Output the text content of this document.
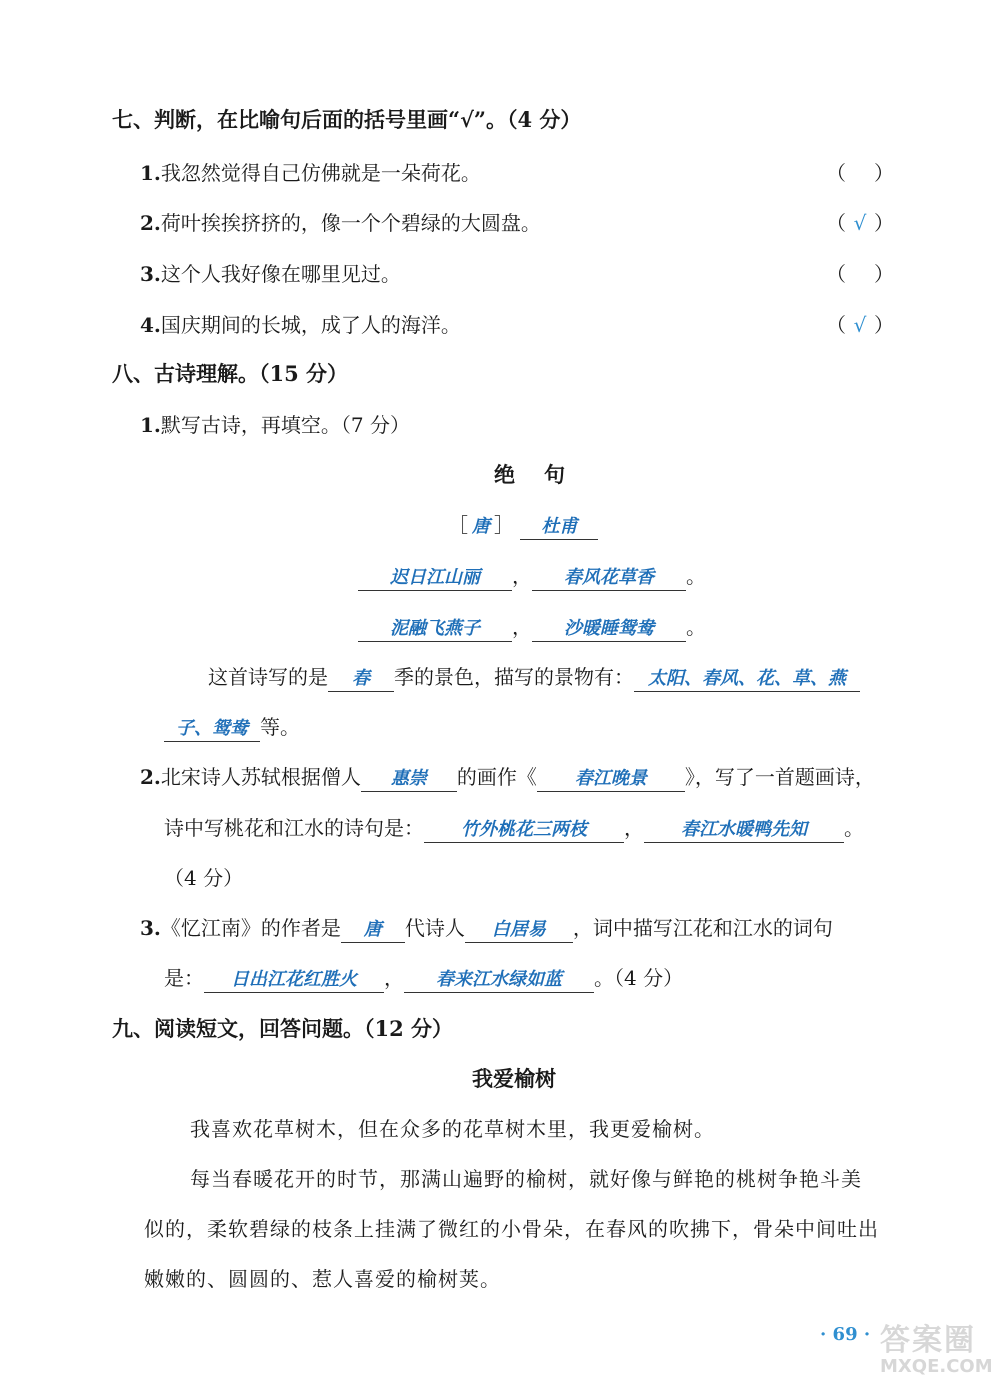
七、判断，在比喻句后面的括号里画“√”。（4 分）
1.我忽然觉得自己仿佛就是一朵荷花。	（ ）
2.荷叶挨挨挤挤的，像一个个碧绿的大圆盘。	（ √ ）
3.这个人我好像在哪里见过。	（ ）
4.国庆期间的长城，成了人的海洋。	（ √ ）
八、古诗理解。（15 分）
1.默写古诗，再填空。（7 分）
绝　句
［ 唐 ］ 杜甫
迟日江山丽 ， 春风花草香 。
泥融飞燕子 ， 沙暖睡鸳鸯 。
这首诗写的是 春 季的景色，描写的景物有： 太阳、春风、花、草、燕
子、鸳鸯 等。
2.北宋诗人苏轼根据僧人 惠崇 的画作《 春江晚景 》，写了一首题画诗，
诗中写桃花和江水的诗句是： 竹外桃花三两枝 ， 春江水暖鸭先知 。
（4 分）
3.《忆江南》的作者是 唐 代诗人 白居易 ，词中描写江花和江水的词句
是： 日出江花红胜火 ， 春来江水绿如蓝 。（4 分）
九、阅读短文，回答问题。（12 分）
我爱榆树
我喜欢花草树木，但在众多的花草树木里，我更爱榆树。
每当春暖花开的时节，那满山遍野的榆树，就好像与鲜艳的桃树争艳斗美
似的，柔软碧绿的枝条上挂满了微红的小骨朵，在春风的吹拂下，骨朵中间吐出
嫩嫩的、圆圆的、惹人喜爱的榆树荚。
· 69 · 答案圈
MXQE.COM
